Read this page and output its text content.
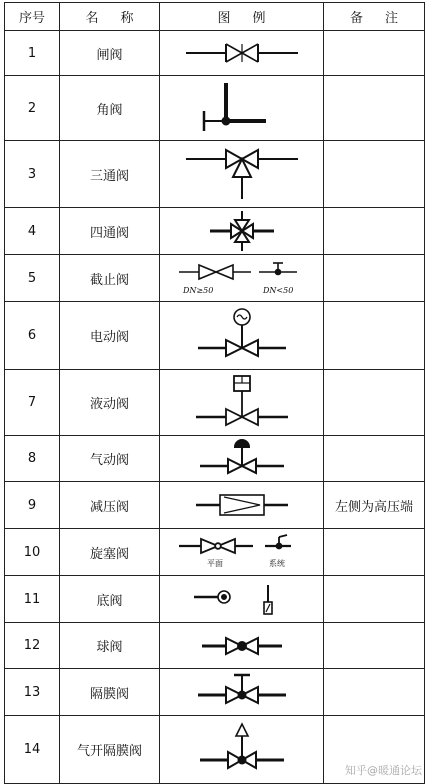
序号	名 称	图 例	备 注
1	闸阀	

2	角阀	

3	三通阀	

4	四通阀	

5	截止阀	DN≥50 DN<50	

6	电动阀	

7	液动阀	

8	气动阀	

9	减压阀		左侧为高压端
10	旋塞阀	平面 系统	

11	底阀	

12	球阀	

13	隔膜阀	

14	气开隔膜阀	

知乎@暖通论坛
